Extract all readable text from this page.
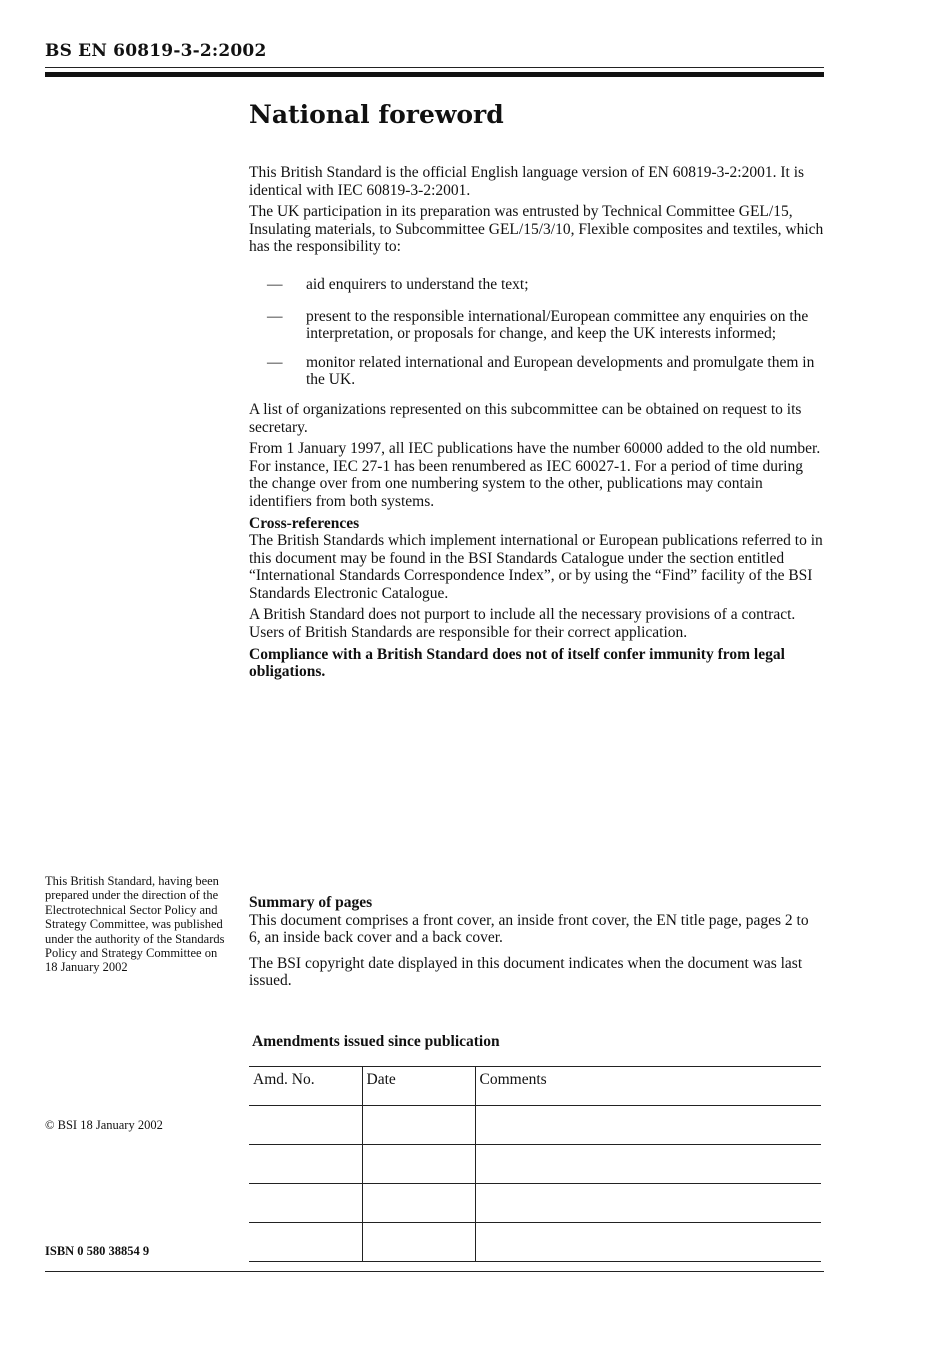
BS EN 60819-3-2:2002
National foreword

This British Standard is the official English language version of EN 60819-3-2:2001. It is identical with IEC 60819-3-2:2001.

The UK participation in its preparation was entrusted by Technical Committee GEL/15, Insulating materials, to Subcommittee GEL/15/3/10, Flexible composites and textiles, which has the responsibility to:

— aid enquirers to understand the text;
— present to the responsible international/European committee any enquiries on the interpretation, or proposals for change, and keep the UK interests informed;
— monitor related international and European developments and promulgate them in the UK.

A list of organizations represented on this subcommittee can be obtained on request to its secretary.

From 1 January 1997, all IEC publications have the number 60000 added to the old number. For instance, IEC 27-1 has been renumbered as IEC 60027-1. For a period of time during the change over from one numbering system to the other, publications may contain identifiers from both systems.

Cross-references

The British Standards which implement international or European publications referred to in this document may be found in the BSI Standards Catalogue under the section entitled “International Standards Correspondence Index”, or by using the “Find” facility of the BSI Standards Electronic Catalogue.

A British Standard does not purport to include all the necessary provisions of a contract. Users of British Standards are responsible for their correct application.

Compliance with a British Standard does not of itself confer immunity from legal obligations.

This British Standard, having been prepared under the direction of the Electrotechnical Sector Policy and Strategy Committee, was published under the authority of the Standards Policy and Strategy Committee on 18 January 2002
Summary of pages

This document comprises a front cover, an inside front cover, the EN title page, pages 2 to 6, an inside back cover and a back cover.

The BSI copyright date displayed in this document indicates when the document was last issued.

Amendments issued since publication
Amd. No.	Date	Comments

© BSI 18 January 2002
ISBN 0 580 38854 9
